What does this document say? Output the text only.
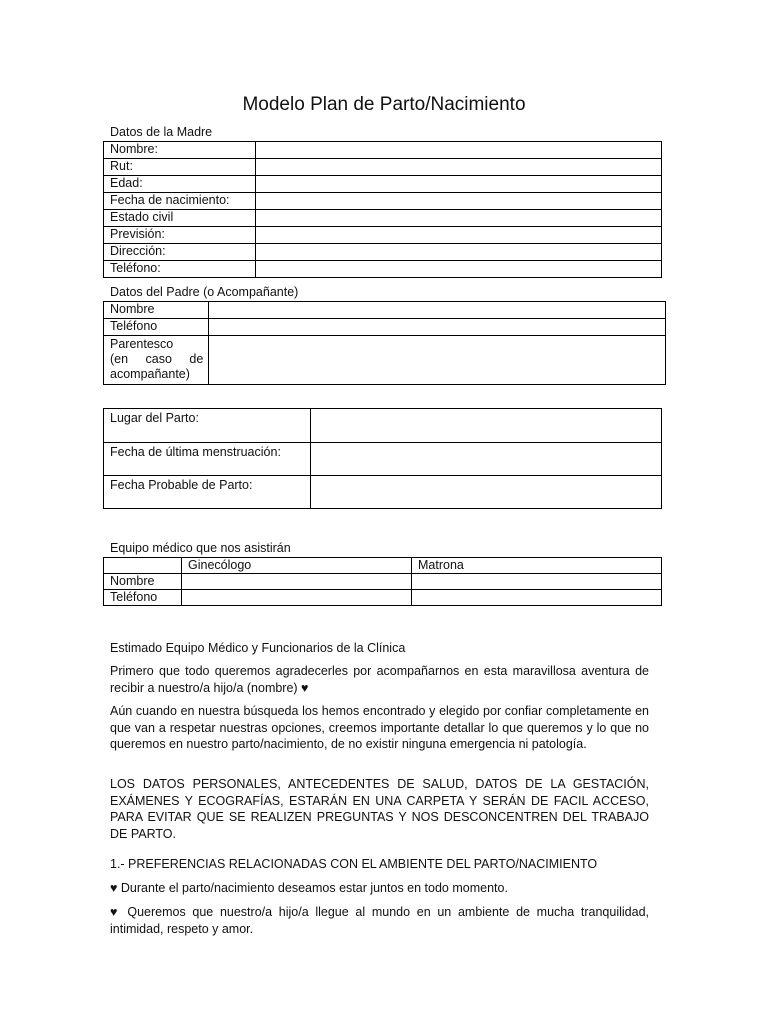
Modelo Plan de Parto/Nacimiento
Datos de la Madre
Nombre:	
Rut:	
Edad:	
Fecha de nacimiento:	
Estado civil	
Previsión:	
Dirección:	
Teléfono:	
Datos del Padre (o Acompañante)
Nombre	
Teléfono	

Parentesco
(en caso de
acompañante)	

Lugar del Parto:	
Fecha de última menstruación:	
Fecha Probable de Parto:	
Equipo médico que nos asistirán
	Ginecólogo	Matrona
Nombre		
Teléfono		

Estimado Equipo Médico y Funcionarios de la Clínica

Primero que todo queremos agradecerles por acompañarnos en esta maravillosa aventura de recibir a nuestro/a hijo/a (nombre) ♥

Aún cuando en nuestra búsqueda los hemos encontrado y elegido por confiar completamente en que van a respetar nuestras opciones, creemos importante detallar lo que queremos y lo que no queremos en nuestro parto/nacimiento, de no existir ninguna emergencia ni patología.

LOS DATOS PERSONALES, ANTECEDENTES DE SALUD, DATOS DE LA GESTACIÓN, EXÁMENES Y ECOGRAFÍAS, ESTARÁN EN UNA CARPETA Y SERÁN DE FACIL ACCESO, PARA EVITAR QUE SE REALIZEN PREGUNTAS Y NOS DESCONCENTREN DEL TRABAJO DE PARTO.

1.- PREFERENCIAS RELACIONADAS CON EL AMBIENTE DEL PARTO/NACIMIENTO

♥ Durante el parto/nacimiento deseamos estar juntos en todo momento.

♥ Queremos que nuestro/a hijo/a llegue al mundo en un ambiente de mucha tranquilidad, intimidad, respeto y amor.
